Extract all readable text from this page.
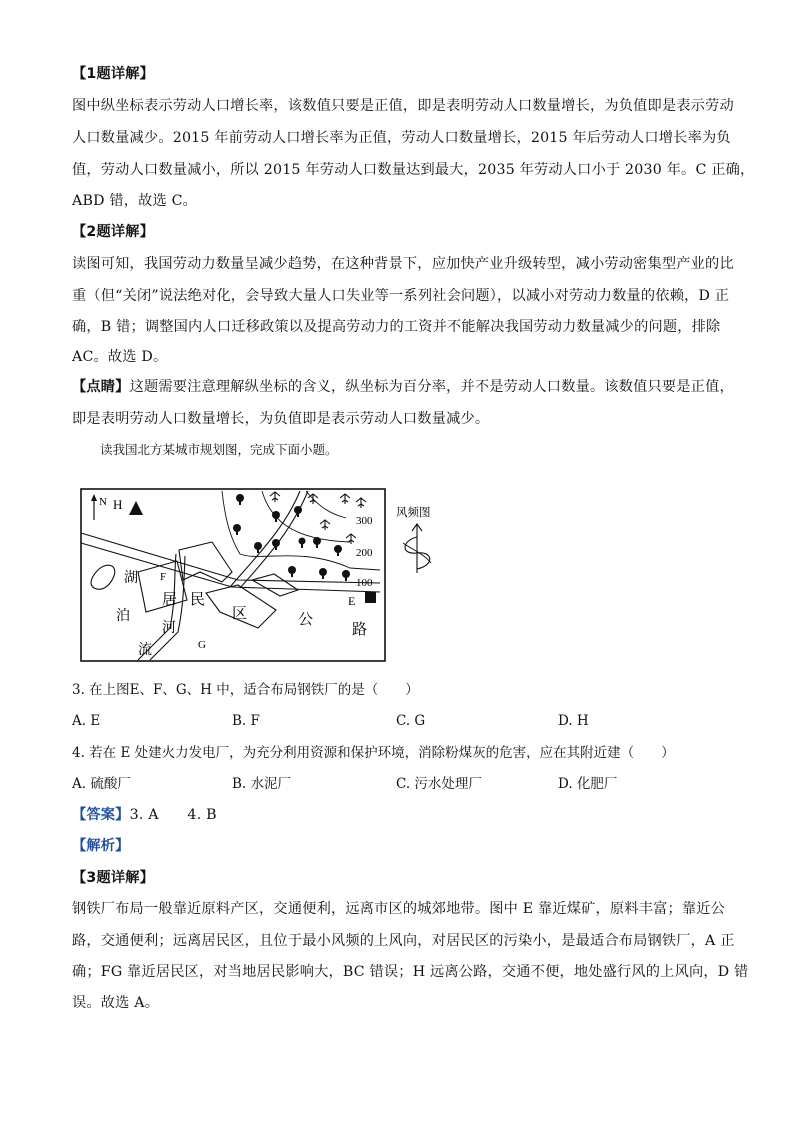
【1题详解】
图中纵坐标表示劳动人口增长率，该数值只要是正值，即是表明劳动人口数量增长，为负值即是表示劳动
人口数量减少。2015 年前劳动人口增长率为正值，劳动人口数量增长，2015 年后劳动人口增长率为负
值，劳动人口数量减小，所以 2015 年劳动人口数量达到最大，2035 年劳动人口小于 2030 年。C 正确，
ABD 错，故选 C。
【2题详解】
读图可知，我国劳动力数量呈减少趋势，在这种背景下，应加快产业升级转型，减小劳动密集型产业的比
重（但“关闭”说法绝对化，会导致大量人口失业等一系列社会问题），以减小对劳动力数量的依赖，D 正
确，B 错；调整国内人口迁移政策以及提高劳动力的工资并不能解决我国劳动力数量减少的问题，排除
AC。故选 D。
【点睛】这题需要注意理解纵坐标的含义，纵坐标为百分率，并不是劳动人口数量。该数值只要是正值，
即是表明劳动人口数量增长，为负值即是表示劳动人口数量减少。
读我国北方某城市规划图，完成下面小题。
N H
300
200
100
F
G
E
湖
泊
河
流
居 民
区	公
路
风频图
3. 在上图E、F、G、H 中，适合布局钢铁厂的是（　　）
A. E	B. F	C. G	D. H
4. 若在 E 处建火力发电厂，为充分利用资源和保护环境，消除粉煤灰的危害，应在其附近建（　　）
A. 硫酸厂	B. 水泥厂	C. 污水处理厂	D. 化肥厂
【答案】3. A　　4. B
【解析】
【3题详解】
钢铁厂布局一般靠近原料产区，交通便利，远离市区的城郊地带。图中 E 靠近煤矿，原料丰富；靠近公
路，交通便利；远离居民区，且位于最小风频的上风向，对居民区的污染小，是最适合布局钢铁厂，A 正
确；FG 靠近居民区，对当地居民影响大，BC 错误；H 远离公路，交通不便，地处盛行风的上风向，D 错
误。故选 A。
